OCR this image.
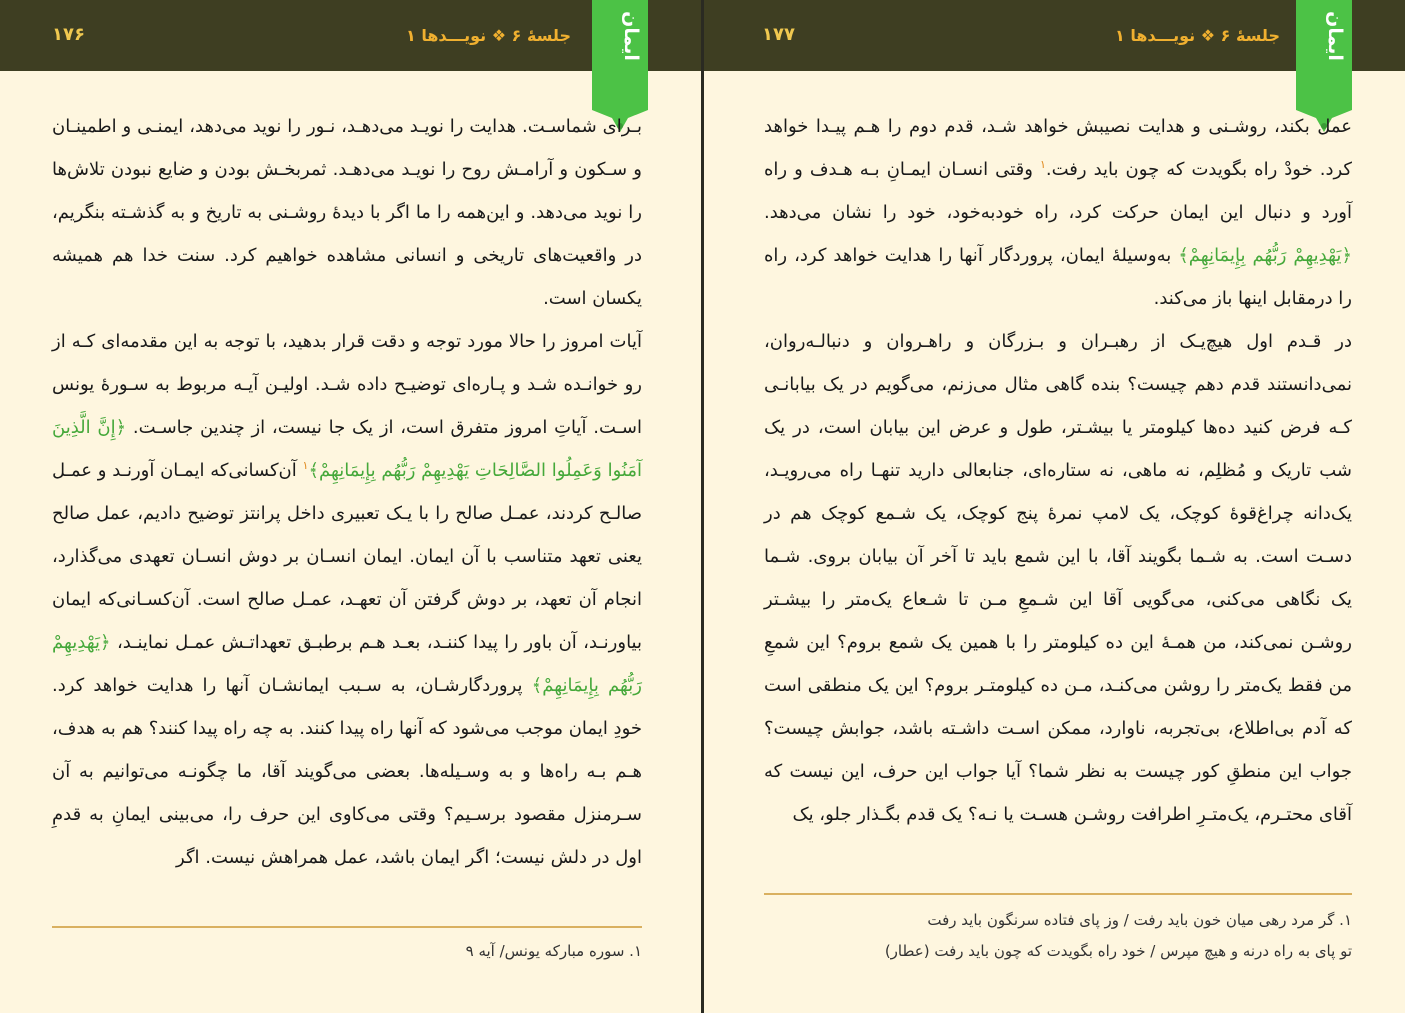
۱۷۶	جلسهٔ ۶ ❖ نویـــدها ۱	ایمان

بـرای شماسـت. هدایت را نویـد می‌دهـد، نـور را نوید می‌دهد، ایمنـی و اطمینـان و سـکون و آرامـش روح را نویـد می‌دهـد. ثمربخـش بودن و ضایع نبودن تلاش‌ها را نوید می‌دهد. و این‌همه را ما اگر با دیدهٔ روشـنی به تاریخ و به گذشـته بنگریم، در واقعیت‌های تاریخی و انسانی مشاهده خواهیم کرد. سنت خدا هم همیشه یکسان است.

آیات امروز را حالا مورد توجه و دقت قرار بدهید، با توجه به این مقدمه‌ای کـه از رو خوانـده شـد و پـاره‌ای توضیـح داده شـد. اولیـن آیـه مربوط به سـورهٔ یونس اسـت. آیاتِ امروز متفرق است، از یک جا نیست، از چندین جاسـت. ﴿إِنَّ الَّذِينَ آمَنُوا وَعَمِلُوا الصَّالِحَاتِ يَهْدِيهِمْ رَبُّهُم بِإِيمَانِهِمْ﴾$^۱$ آن‌کسانی‌که ایمـان آورنـد و عمـل صالـح کردند، عمـل صالح را با یـک تعبیری داخل پرانتز توضیح دادیم، عمل صالح یعنی تعهد متناسب با آن ایمان. ایمان انسـان بر دوش انسـان تعهدی می‌گذارد، انجام آن تعهد، بر دوش گرفتن آن تعهـد، عمـل صالح است. آن‌کسـانی‌که ایمان بیاورنـد، آن باور را پیدا کننـد، بعـد هـم برطبـق تعهداتـش عمـل نماینـد، ﴿يَهْدِيهِمْ رَبُّهُم بِإِيمَانِهِمْ﴾ پروردگارشـان، به سـبب ایمانشـان آنها را هدایت خواهد کرد. خودِ ایمان موجب می‌شود که آنها راه پیدا کنند. به چه راه پیدا کنند؟ هم به هدف، هـم بـه راه‌ها و به وسـیله‌ها. بعضی می‌گویند آقا، ما چگونـه می‌توانیم به آن سـرمنزل مقصود برسـیم؟ وقتی می‌کاوی این حرف را، می‌بینی ایمانِ به قدمِ اول در دلش نیست؛ اگر ایمان باشد، عمل همراهش نیست. اگر

۱. سوره مبارکه یونس/ آیه ۹

۱۷۷	جلسهٔ ۶ ❖ نویـــدها ۱ ایمان

عمل بکند، روشـنی و هدایت نصیبش خواهد شـد، قدم دوم را هـم پیـدا خواهد کرد. خودْ راه بگویدت که چون باید رفت.$^۱$ وقتی انسـان ایمـانِ بـه هـدف و راه آورد و دنبال این ایمان حرکت کرد، راه خودبه‌خود، خود را نشان می‌دهد. ﴿يَهْدِيهِمْ رَبُّهُم بِإِيمَانِهِمْ﴾ به‌وسیلهٔ ایمان، پروردگار آنها را هدایت خواهد کرد، راه را درمقابل اینها باز می‌کند.

در قـدم اول هیچ‌یـک از رهبـران و بـزرگان و راهـروان و دنبالـه‌روان، نمی‌دانستند قدم دهم چیست؟ بنده گاهی مثال می‌زنم، می‌گویم در یک بیابانـی کـه فرض کنید ده‌ها کیلومتر یا بیشـتر، طول و عرض این بیابان است، در یک شب تاریک و مُظلِم، نه ماهی، نه ستاره‌ای، جنابعالی دارید تنهـا راه می‌رویـد، یک‌دانه چراغ‌قوهٔ کوچک، یک لامپ نمرهٔ پنج کوچک، یک شـمع کوچک هم در دسـت است. به شـما بگویند آقا، با این شمع باید تا آخر آن بیابان بروی. شـما یک نگاهی می‌کنی، می‌گویی آقا این شـمعِ مـن تا شـعاع یک‌متر را بیشـتر روشـن نمی‌کند، من همـهٔ این ده کیلومتر را با همین یک شمع بروم؟ این شمعِ من فقط یک‌متر را روشن می‌کنـد، مـن ده کیلومتـر بروم؟ این یک منطقی است که آدم بی‌اطلاع، بی‌تجربه، ناوارد، ممکن اسـت داشـته باشد، جوابش چیست؟ جواب این منطقِ کور چیست به نظر شما؟ آیا جواب این حرف، این نیست که آقای محتـرم، یک‌متـرِ اطرافت روشـن هسـت یا نـه؟ یک قدم بگـذار جلو، یک

۱. گر مرد رهی میان خون باید رفت / وز پای فتاده سرنگون باید رفت

تو پای به راه درنه و هیچ مپرس / خود راه بگویدت که چون باید رفت (عطار)
